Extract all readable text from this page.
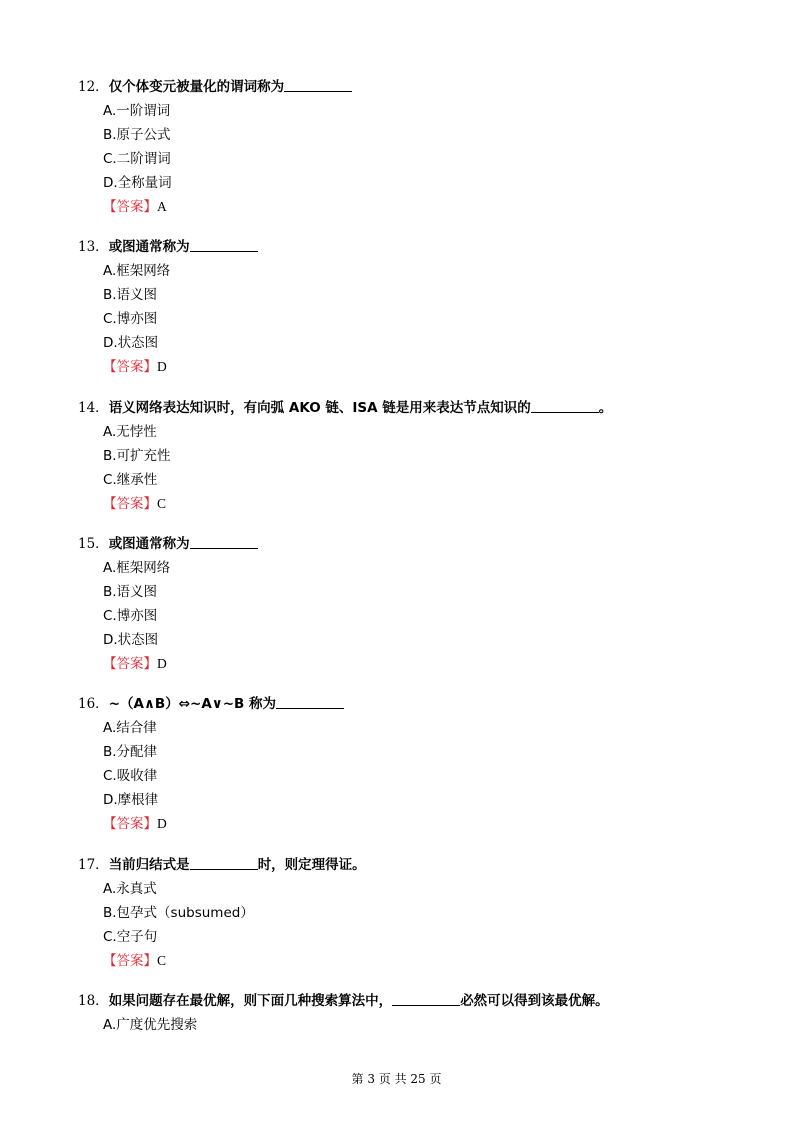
12．仅个体变元被量化的谓词称为
A.一阶谓词
B.原子公式
C.二阶谓词
D.全称量词
【答案】A
13．或图通常称为
A.框架网络
B.语义图
C.博亦图
D.状态图
【答案】D
14．语义网络表达知识时，有向弧 AKO 链、ISA 链是用来表达节点知识的	。
A.无悖性
B.可扩充性
C.继承性
【答案】C
15．或图通常称为
A.框架网络
B.语义图
C.博亦图
D.状态图
【答案】D
16．~（A∧B）⇔~A∨~B 称为
A.结合律
B.分配律
C.吸收律
D.摩根律
【答案】D
17．当前归结式是	时，则定理得证。
A.永真式
B.包孕式（subsumed）
C.空子句
【答案】C
18．如果问题存在最优解，则下面几种搜索算法中，	必然可以得到该最优解。
A.广度优先搜索
第 3 页 共 25 页
